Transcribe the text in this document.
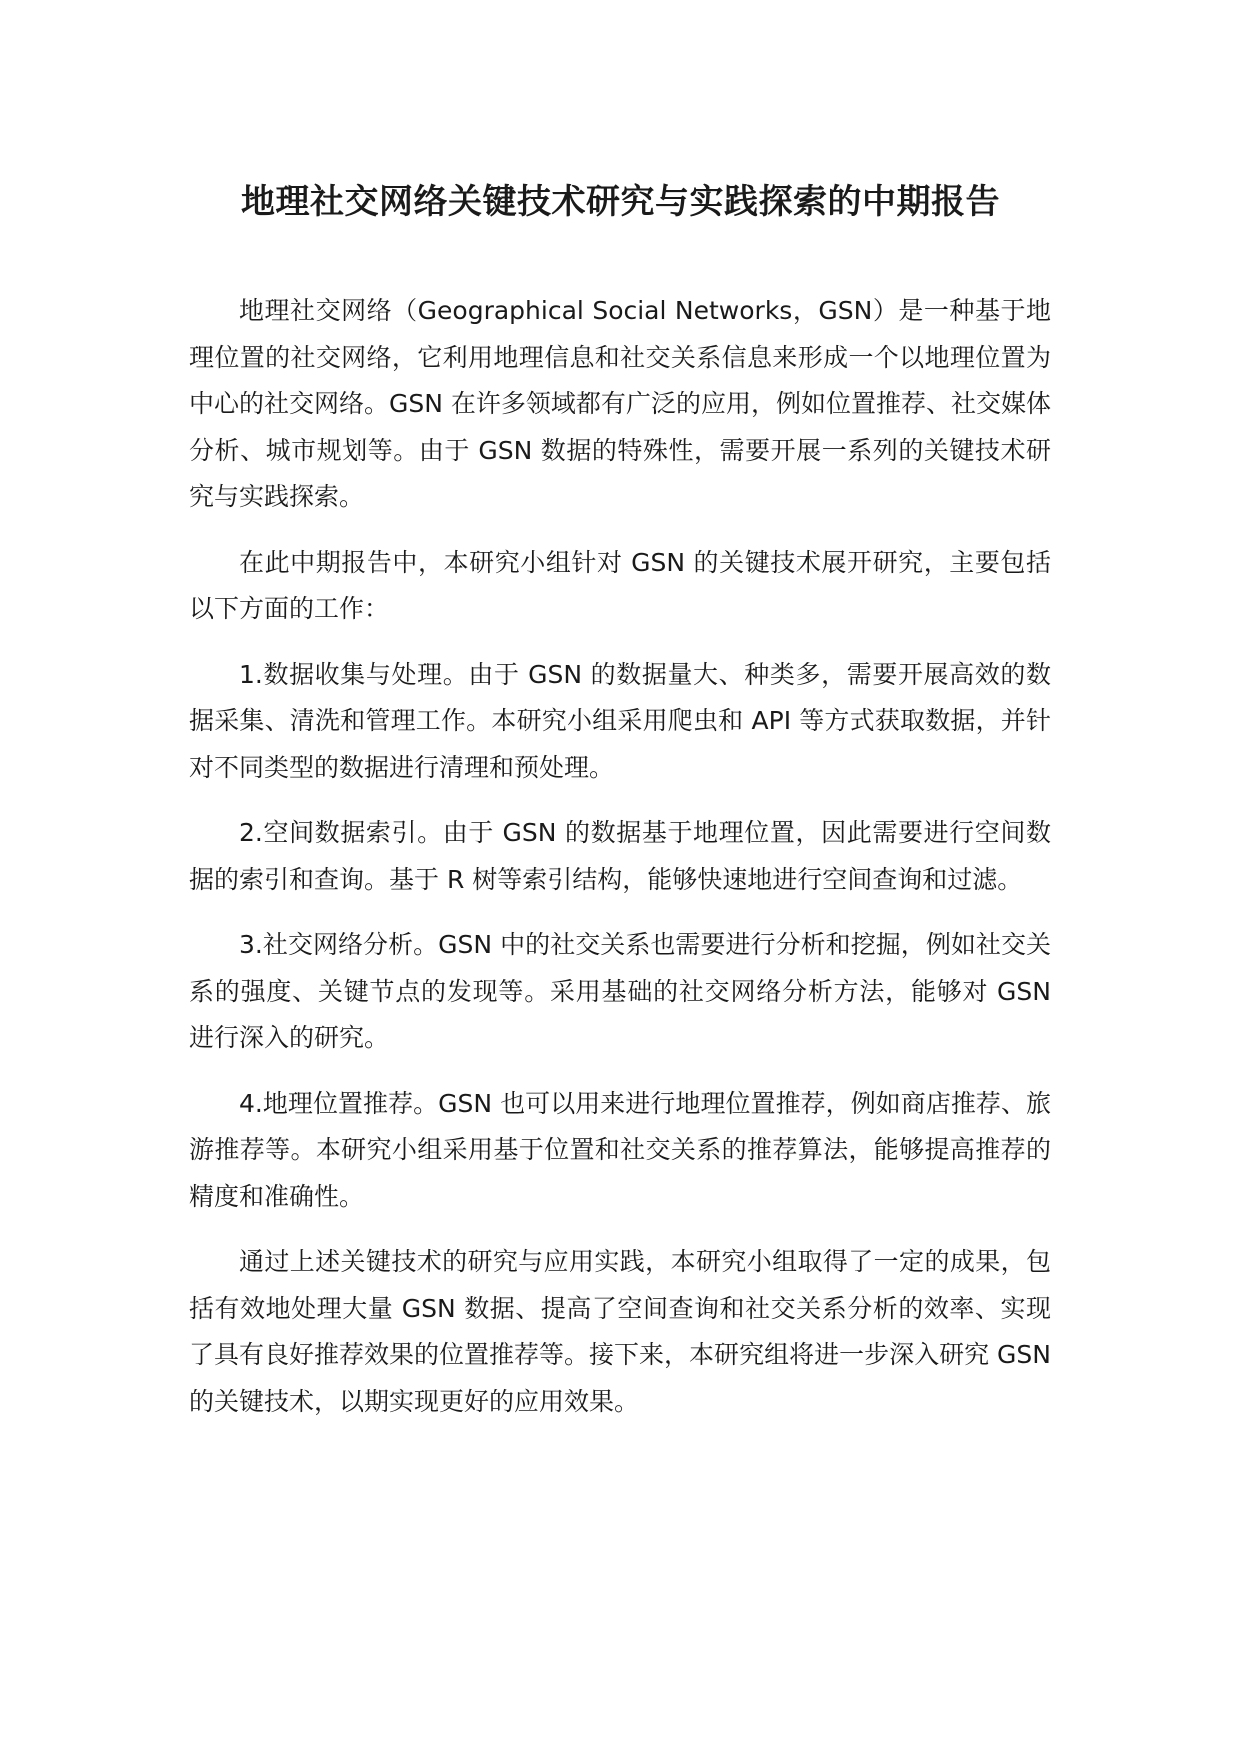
地理社交网络关键技术研究与实践探索的中期报告

地理社交网络（Geographical Social Networks，GSN）是一种基于地理位置的社交网络，它利用地理信息和社交关系信息来形成一个以地理位置为中心的社交网络。GSN 在许多领域都有广泛的应用，例如位置推荐、社交媒体分析、城市规划等。由于 GSN 数据的特殊性，需要开展一系列的关键技术研究与实践探索。

在此中期报告中，本研究小组针对 GSN 的关键技术展开研究，主要包括以下方面的工作：

1.数据收集与处理。由于 GSN 的数据量大、种类多，需要开展高效的数据采集、清洗和管理工作。本研究小组采用爬虫和 API 等方式获取数据，并针对不同类型的数据进行清理和预处理。

2.空间数据索引。由于 GSN 的数据基于地理位置，因此需要进行空间数据的索引和查询。基于 R 树等索引结构，能够快速地进行空间查询和过滤。

3.社交网络分析。GSN 中的社交关系也需要进行分析和挖掘，例如社交关系的强度、关键节点的发现等。采用基础的社交网络分析方法，能够对 GSN 进行深入的研究。

4.地理位置推荐。GSN 也可以用来进行地理位置推荐，例如商店推荐、旅游推荐等。本研究小组采用基于位置和社交关系的推荐算法，能够提高推荐的精度和准确性。

通过上述关键技术的研究与应用实践，本研究小组取得了一定的成果，包括有效地处理大量 GSN 数据、提高了空间查询和社交关系分析的效率、实现了具有良好推荐效果的位置推荐等。接下来，本研究组将进一步深入研究 GSN 的关键技术，以期实现更好的应用效果。
